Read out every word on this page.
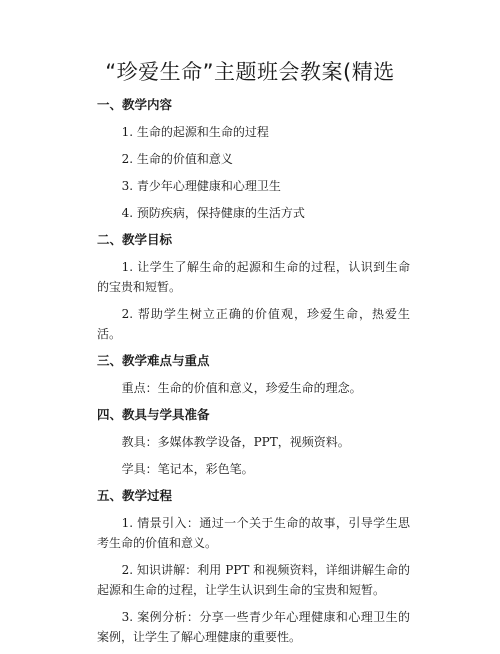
“珍爱生命”主题班会教案(精选
一、教学内容

1. 生命的起源和生命的过程

2. 生命的价值和意义

3. 青少年心理健康和心理卫生

4. 预防疾病，保持健康的生活方式

二、教学目标

1. 让学生了解生命的起源和生命的过程，认识到生命的宝贵和短暂。

2. 帮助学生树立正确的价值观，珍爱生命，热爱生活。

三、教学难点与重点

重点：生命的价值和意义，珍爱生命的理念。

四、教具与学具准备

教具：多媒体教学设备，PPT，视频资料。

学具：笔记本，彩色笔。

五、教学过程

1. 情景引入：通过一个关于生命的故事，引导学生思考生命的价值和意义。

2. 知识讲解：利用 PPT 和视频资料，详细讲解生命的起源和生命的过程，让学生认识到生命的宝贵和短暂。

3. 案例分析：分享一些青少年心理健康和心理卫生的案例，让学生了解心理健康的重要性。
